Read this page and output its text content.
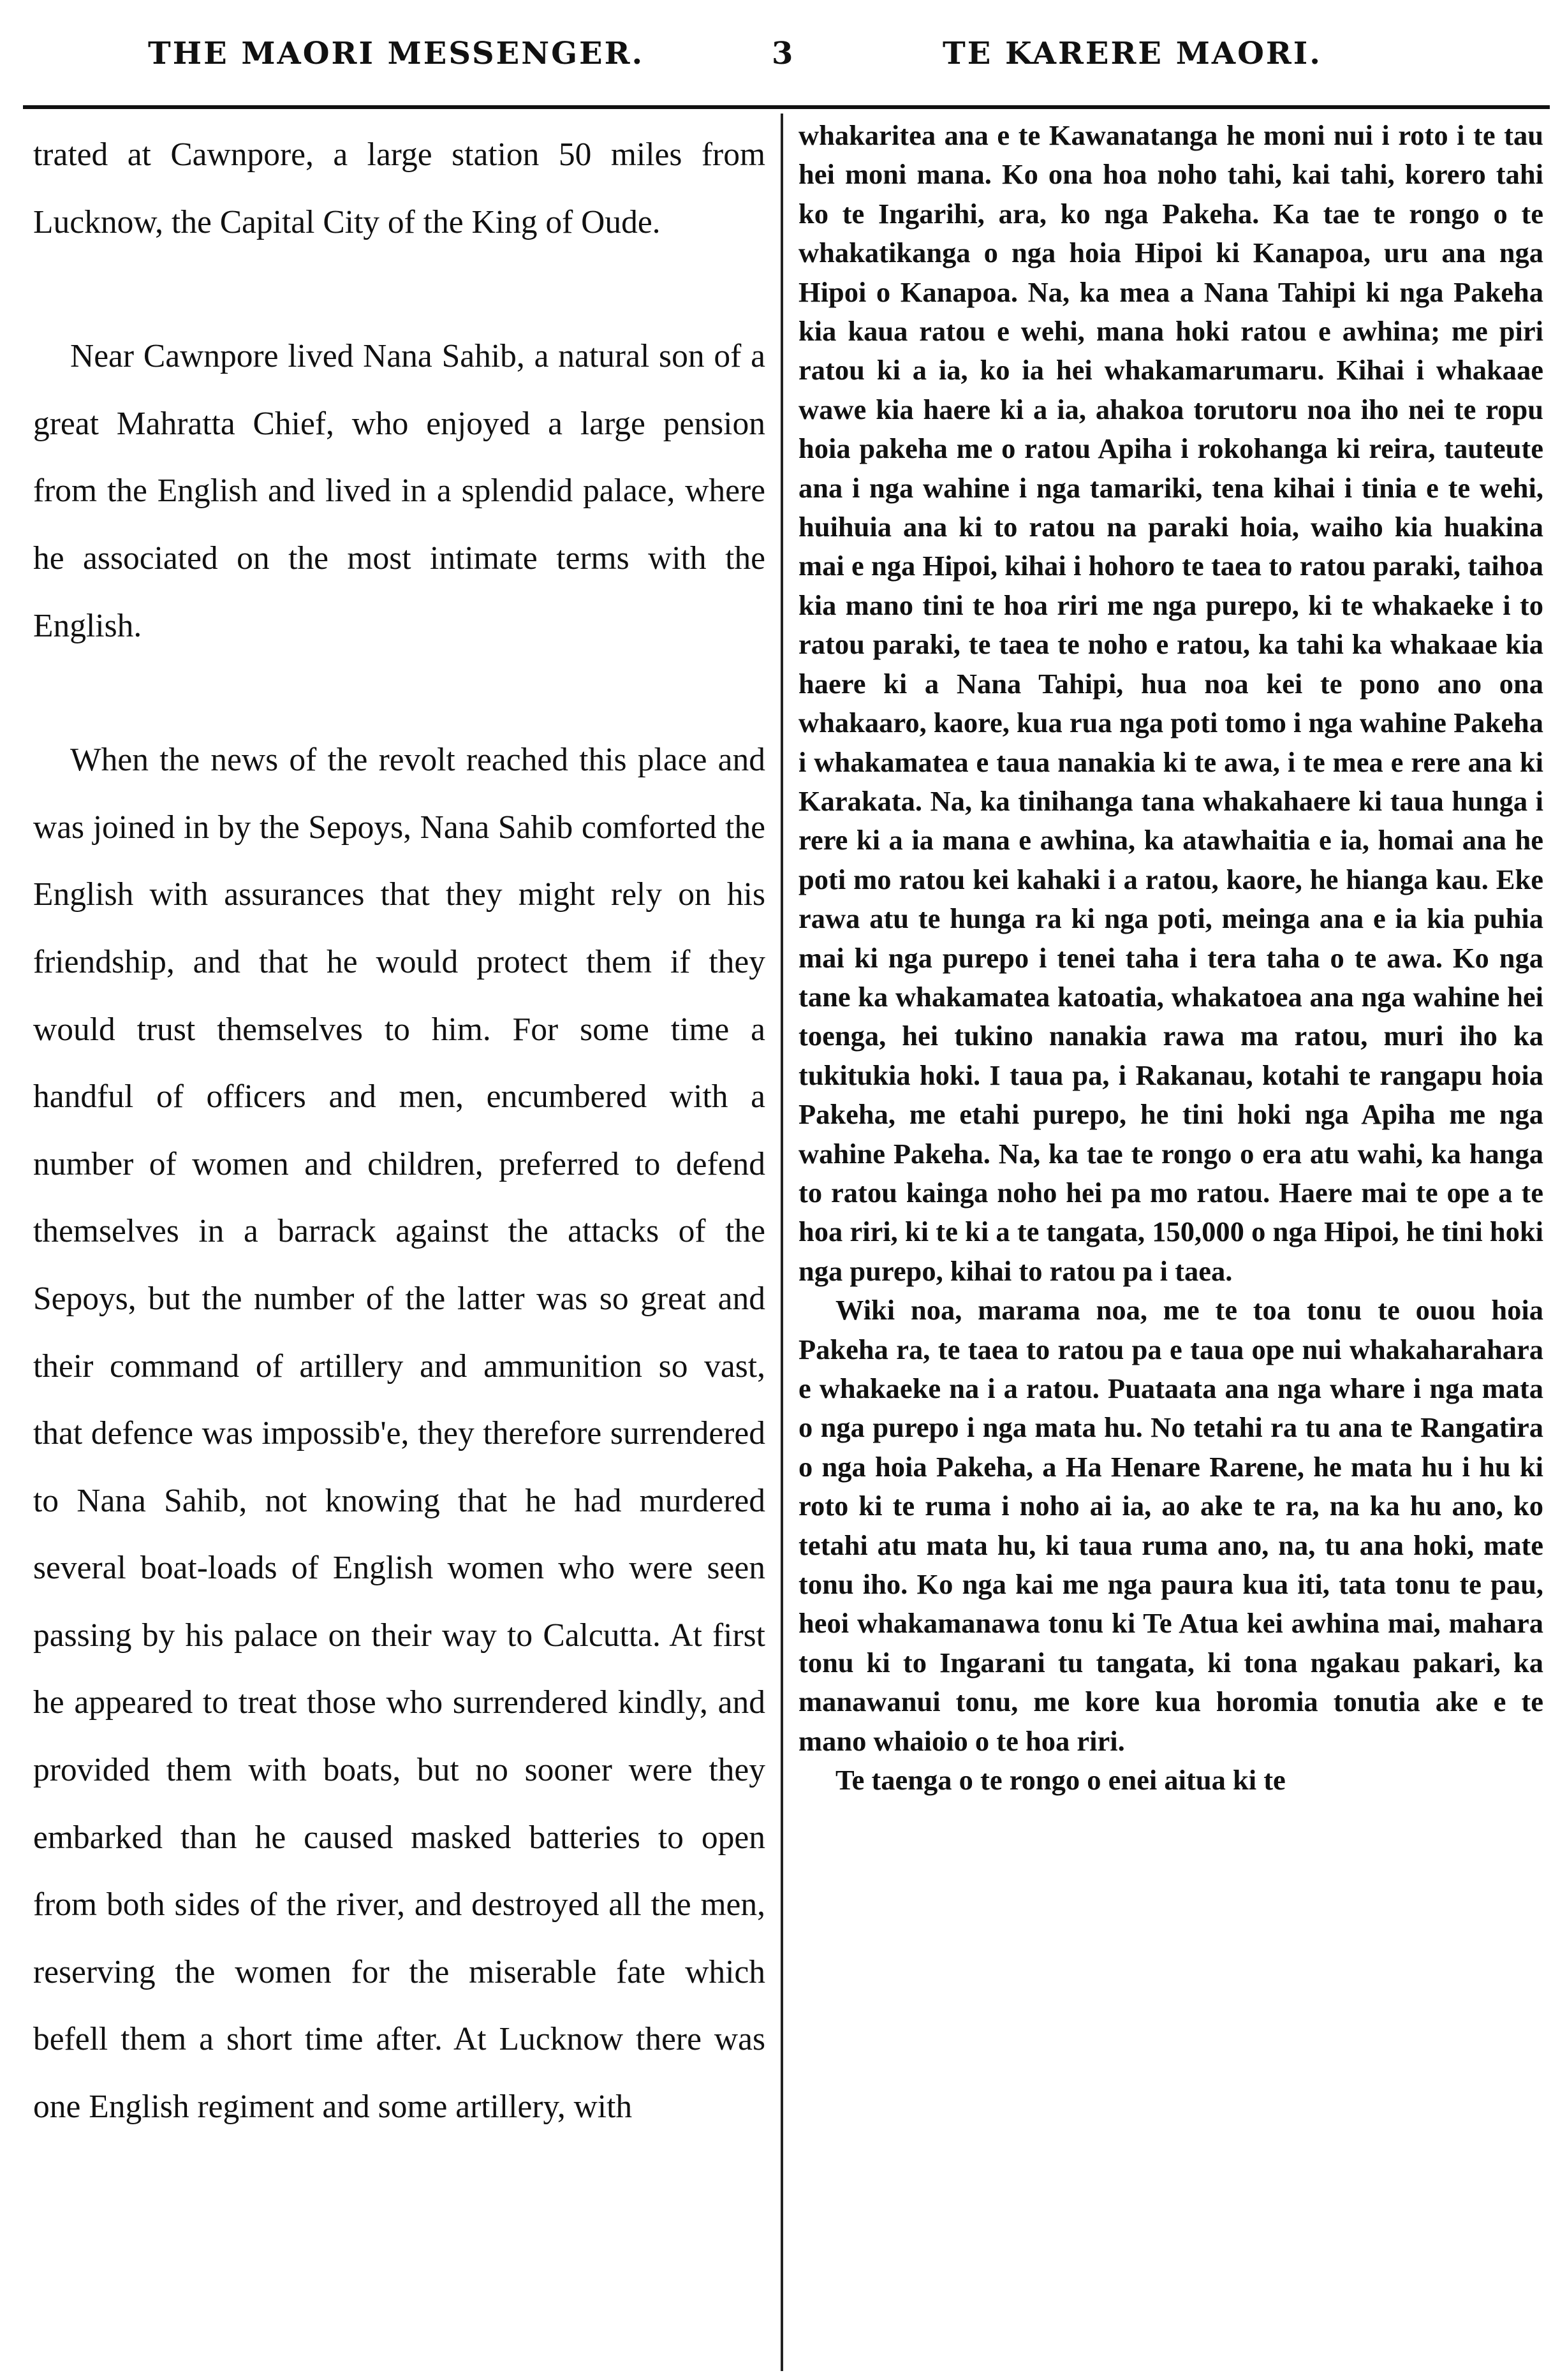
THE MAORI MESSENGER.	3	TE KARERE MAORI.

trated at Cawnpore, a large station 50 miles from Lucknow, the Capital City of the King of Oude.

Near Cawnpore lived Nana Sahib, a natural son of a great Mahratta Chief, who enjoyed a large pension from the English and lived in a splendid palace, where he associated on the most intimate terms with the English.

When the news of the revolt reached this place and was joined in by the Sepoys, Nana Sahib comforted the English with assurances that they might rely on his friendship, and that he would protect them if they would trust themselves to him. For some time a handful of officers and men, encumbered with a number of women and children, preferred to defend themselves in a barrack against the attacks of the Sepoys, but the number of the latter was so great and their command of artillery and ammunition so vast, that defence was impossib'e, they therefore surrendered to Nana Sahib, not knowing that he had murdered several boat-loads of English women who were seen passing by his palace on their way to Calcutta. At first he appeared to treat those who surrendered kindly, and provided them with boats, but no sooner were they embarked than he caused masked batteries to open from both sides of the river, and destroyed all the men, reserving the women for the miserable fate which befell them a short time after. At Lucknow there was one English regiment and some artillery, with

whakaritea ana e te Kawanatanga he moni nui i roto i te tau hei moni mana. Ko ona hoa noho tahi, kai tahi, korero tahi ko te Ingarihi, ara, ko nga Pakeha. Ka tae te rongo o te whakatikanga o nga hoia Hipoi ki Kanapoa, uru ana nga Hipoi o Kanapoa. Na, ka mea a Nana Tahipi ki nga Pakeha kia kaua ratou e wehi, mana hoki ratou e awhina; me piri ratou ki a ia, ko ia hei whakamarumaru. Kihai i whakaae wawe kia haere ki a ia, ahakoa torutoru noa iho nei te ropu hoia pakeha me o ratou Apiha i rokohanga ki reira, tauteute ana i nga wahine i nga tamariki, tena kihai i tinia e te wehi, huihuia ana ki to ratou na paraki hoia, waiho kia huakina mai e nga Hipoi, kihai i hohoro te taea to ratou paraki, taihoa kia mano tini te hoa riri me nga purepo, ki te whakaeke i to ratou paraki, te taea te noho e ratou, ka tahi ka whakaae kia haere ki a Nana Tahipi, hua noa kei te pono ano ona whakaaro, kaore, kua rua nga poti tomo i nga wahine Pakeha i whakamatea e taua nanakia ki te awa, i te mea e rere ana ki Karakata. Na, ka tinihanga tana whakahaere ki taua hunga i rere ki a ia mana e awhina, ka atawhaitia e ia, homai ana he poti mo ratou kei kahaki i a ratou, kaore, he hianga kau. Eke rawa atu te hunga ra ki nga poti, meinga ana e ia kia puhia mai ki nga purepo i tenei taha i tera taha o te awa. Ko nga tane ka whakamatea katoatia, whakatoea ana nga wahine hei toenga, hei tukino nanakia rawa ma ratou, muri iho ka tukitukia hoki. I taua pa, i Rakanau, kotahi te rangapu hoia Pakeha, me etahi purepo, he tini hoki nga Apiha me nga wahine Pakeha. Na, ka tae te rongo o era atu wahi, ka hanga to ratou kainga noho hei pa mo ratou. Haere mai te ope a te hoa riri, ki te ki a te tangata, 150,000 o nga Hipoi, he tini hoki nga purepo, kihai to ratou pa i taea.

Wiki noa, marama noa, me te toa tonu te ouou hoia Pakeha ra, te taea to ratou pa e taua ope nui whakaharahara e whakaeke na i a ratou. Puataata ana nga whare i nga mata o nga purepo i nga mata hu. No tetahi ra tu ana te Rangatira o nga hoia Pakeha, a Ha Henare Rarene, he mata hu i hu ki roto ki te ruma i noho ai ia, ao ake te ra, na ka hu ano, ko tetahi atu mata hu, ki taua ruma ano, na, tu ana hoki, mate tonu iho. Ko nga kai me nga paura kua iti, tata tonu te pau, heoi whakamanawa tonu ki Te Atua kei awhina mai, mahara tonu ki to Ingarani tu tangata, ki tona ngakau pakari, ka manawanui tonu, me kore kua horomia tonutia ake e te mano whaioio o te hoa riri.

Te taenga o te rongo o enei aitua ki te
